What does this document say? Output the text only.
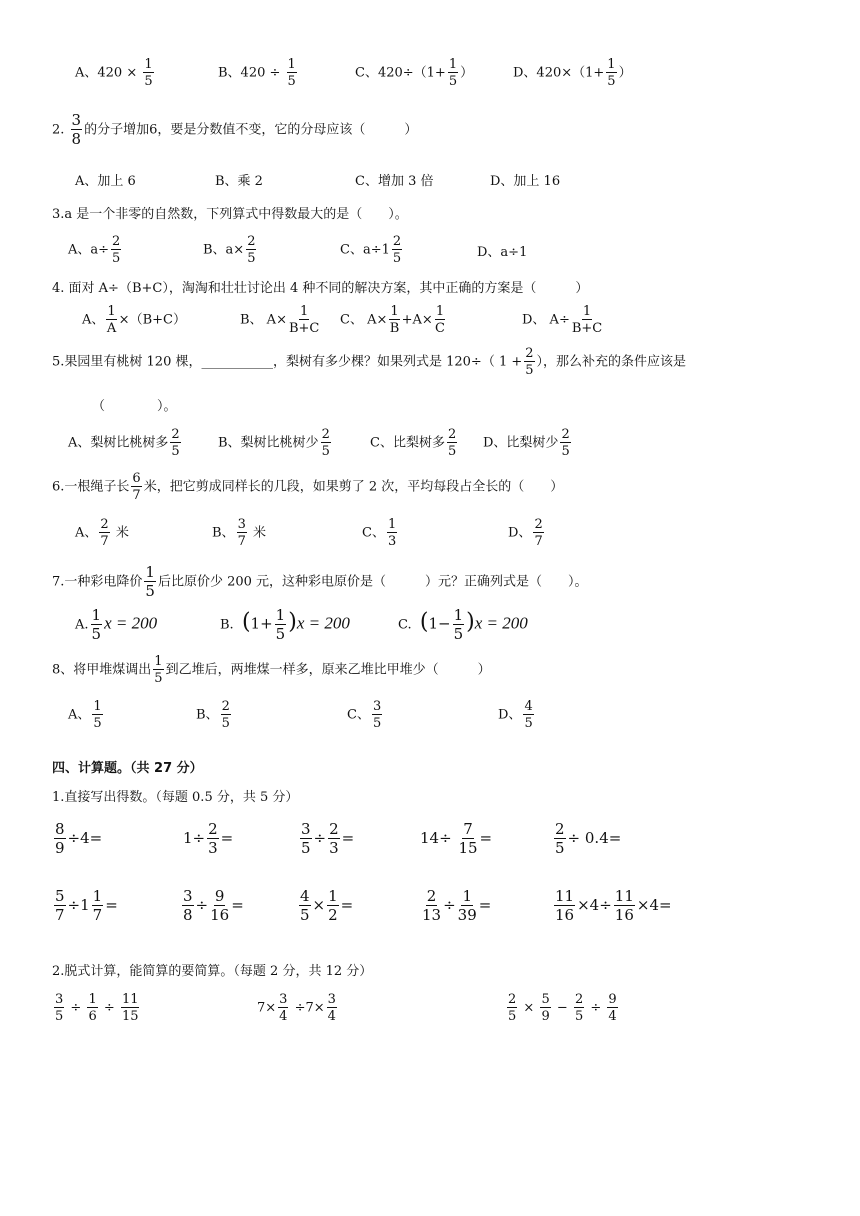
A、$420 \times \frac{1}{5}$	B、$420 \div \frac{1}{5}$	C、$420\div(1+ \frac{1}{5}$ ）	D、$420\times(1+ \frac{1}{5}$ ）
2. $\frac{3}{8}$ 的分子增加6，要是分数值不变，它的分母应该（　　　）
A、加上 6	B、乘 2	C、增加 3 倍	D、加上 16
3.a 是一个非零的自然数，下列算式中得数最大的是（　　）。
A、$a\div \frac{2}{5}$	B、$a\times \frac{2}{5}$	C、$a\div 1 \frac{2}{5}$	D、a÷1
4. 面对 A÷（B+C），淘淘和壮壮讨论出 4 种不同的解决方案，其中正确的方案是（　　　）
A、 $\frac{1}{A} \times(B+C)$	B、 $A\times \frac{1}{B+C}$ C、 $A\times \frac{1}{B} +A\times \frac{1}{C}$	D、 $A\div \frac{1}{B+C}$
5.果园里有桃树 120 棵，___________，梨树有多少棵？如果列式是 120÷（ $1 + \frac{2}{5}$ ），那么补充的条件应该是
（　　　　）。
A、梨树比桃树多 $\frac{2}{5}$	B、梨树比桃树少 $\frac{2}{5}$	C、比梨树多 $\frac{2}{5}$ D、比梨树少 $\frac{2}{5}$
6.一根绳子长 $\frac{6}{7}$ 米，把它剪成同样长的几段，如果剪了 2 次，平均每段占全长的（　　）
A、 $\frac{2}{7}$ 米	B、 $\frac{3}{7}$ 米	C、 $\frac{1}{3}$	D、 $\frac{2}{7}$
7.一种彩电降价 $\frac{1}{5}$ 后比原价少 200 元，这种彩电原价是（　　　）元？正确列式是（　　）。
A. $\frac{1}{5}$ x = 200	B. $(1+ \frac{1}{5} )x = 200$	C. $(1- \frac{1}{5} )x = 200$
8、将甲堆煤调出 $\frac{1}{5}$ 到乙堆后，两堆煤一样多，原来乙堆比甲堆少（　　　）
A、 $\frac{1}{5}$	B、 $\frac{2}{5}$	C、 $\frac{3}{5}$	D、 $\frac{4}{5}$
四、计算题。（共 27 分）
1.直接写出得数。（每题 0.5 分，共 5 分）
$\frac{8}{9} \div 4=$	$1\div \frac{2}{3}$ =	$\frac{3}{5} \div \frac{2}{3}$ =	$14\div \frac{7}{15}$ =	$\frac{2}{5} \div 0.4=$
$\frac{5}{7} \div 1 \frac{1}{7}$ =	$\frac{3}{8} \div \frac{9}{16}$ =	$\frac{4}{5} \times \frac{1}{2}$ =	$\frac{2}{13} \div \frac{1}{39}$ =	$\frac{11}{16} \times 4\div \frac{11}{16} \times 4=$
2.脱式计算，能简算的要简算。（每题 2 分，共 12 分）
$\frac{3}{5} \div \frac{1}{6} \div \frac{11}{15}$	$7\times \frac{3}{4} \div 7\times \frac{3}{4}$	$\frac{2}{5} \times \frac{5}{9} - \frac{2}{5} \div \frac{9}{4}$
